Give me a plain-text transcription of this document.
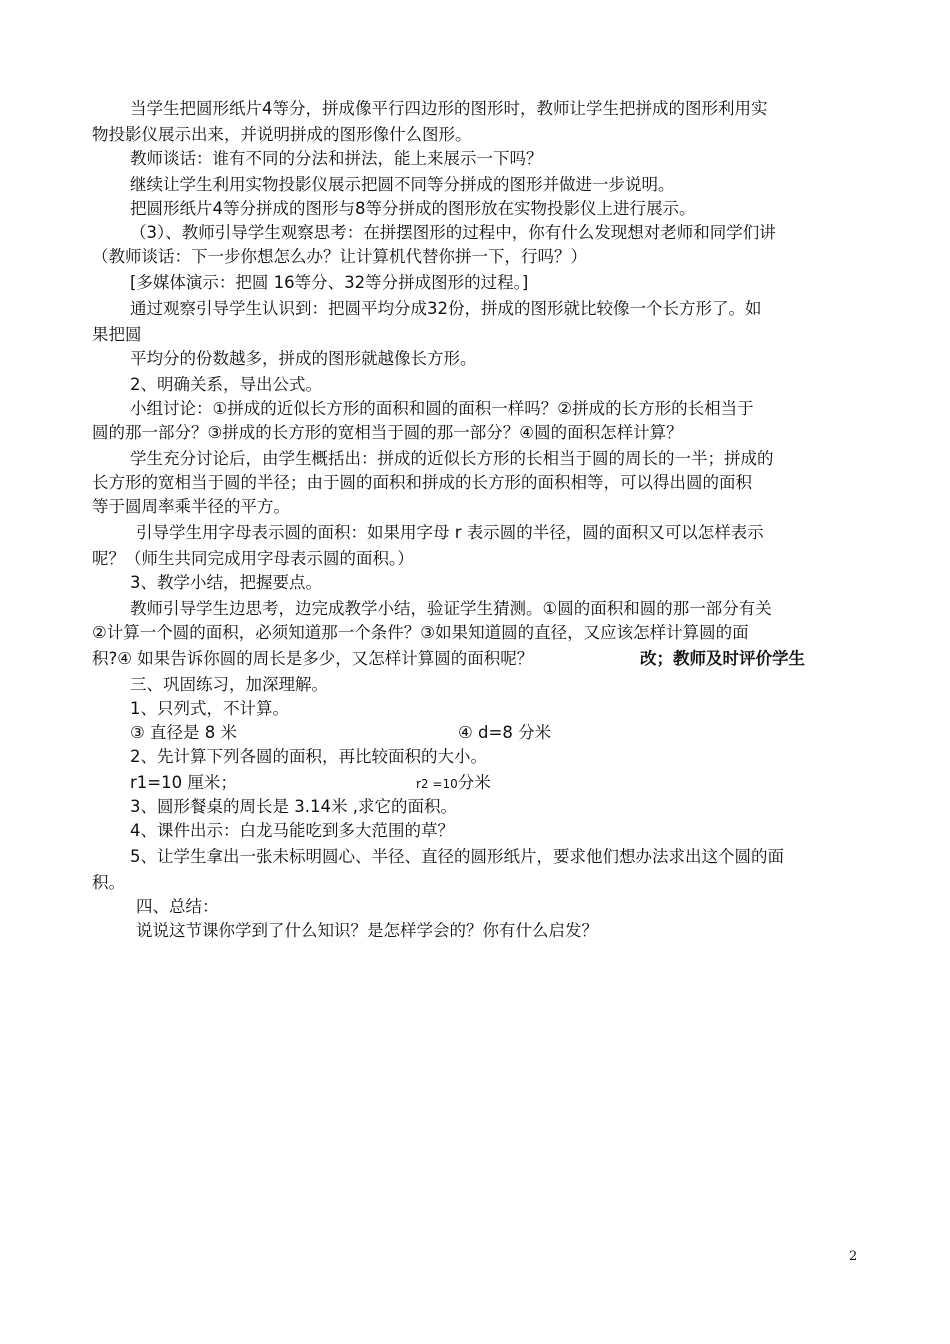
当学生把圆形纸片4等分，拼成像平行四边形的图形时，教师让学生把拼成的图形利用实
物投影仪展示出来，并说明拼成的图形像什么图形。
教师谈话：谁有不同的分法和拼法，能上来展示一下吗？
继续让学生利用实物投影仪展示把圆不同等分拼成的图形并做进一步说明。
把圆形纸片4等分拼成的图形与8等分拼成的图形放在实物投影仪上进行展示。
（3）、教师引导学生观察思考：在拼摆图形的过程中，你有什么发现想对老师和同学们讲
（教师谈话：下一步你想怎么办？让计算机代替你拼一下，行吗？）
[多媒体演示：把圆 16等分、32等分拼成图形的过程。]
通过观察引导学生认识到：把圆平均分成32份，拼成的图形就比较像一个长方形了。如
果把圆
平均分的份数越多，拼成的图形就越像长方形。
2、明确关系，导出公式。
小组讨论：①拼成的近似长方形的面积和圆的面积一样吗？②拼成的长方形的长相当于
圆的那一部分？③拼成的长方形的宽相当于圆的那一部分？④圆的面积怎样计算？
学生充分讨论后，由学生概括出：拼成的近似长方形的长相当于圆的周长的一半；拼成的
长方形的宽相当于圆的半径；由于圆的面积和拼成的长方形的面积相等，可以得出圆的面积
等于圆周率乘半径的平方。
引导学生用字母表示圆的面积：如果用字母 r 表示圆的半径，圆的面积又可以怎样表示
呢？（师生共同完成用字母表示圆的面积。）
3、教学小结，把握要点。
教师引导学生边思考，边完成教学小结，验证学生猜测。①圆的面积和圆的那一部分有关
②计算一个圆的面积，必须知道那一个条件？③如果知道圆的直径，又应该怎样计算圆的面
积?④ 如果告诉你圆的周长是多少，又怎样计算圆的面积呢？	改；教师及时评价学生
三、巩固练习，加深理解。
1、只列式，不计算。
③ 直径是 8 米	④ d=8 分米
2、先计算下列各圆的面积，再比较面积的大小。
r1=10 厘米；	r2 =10分米
3、圆形餐桌的周长是 3.14米 ,求它的面积。
4、课件出示：白龙马能吃到多大范围的草？
5、让学生拿出一张未标明圆心、半径、直径的圆形纸片，要求他们想办法求出这个圆的面
积。
四、总结：
说说这节课你学到了什么知识？是怎样学会的？你有什么启发？
2
